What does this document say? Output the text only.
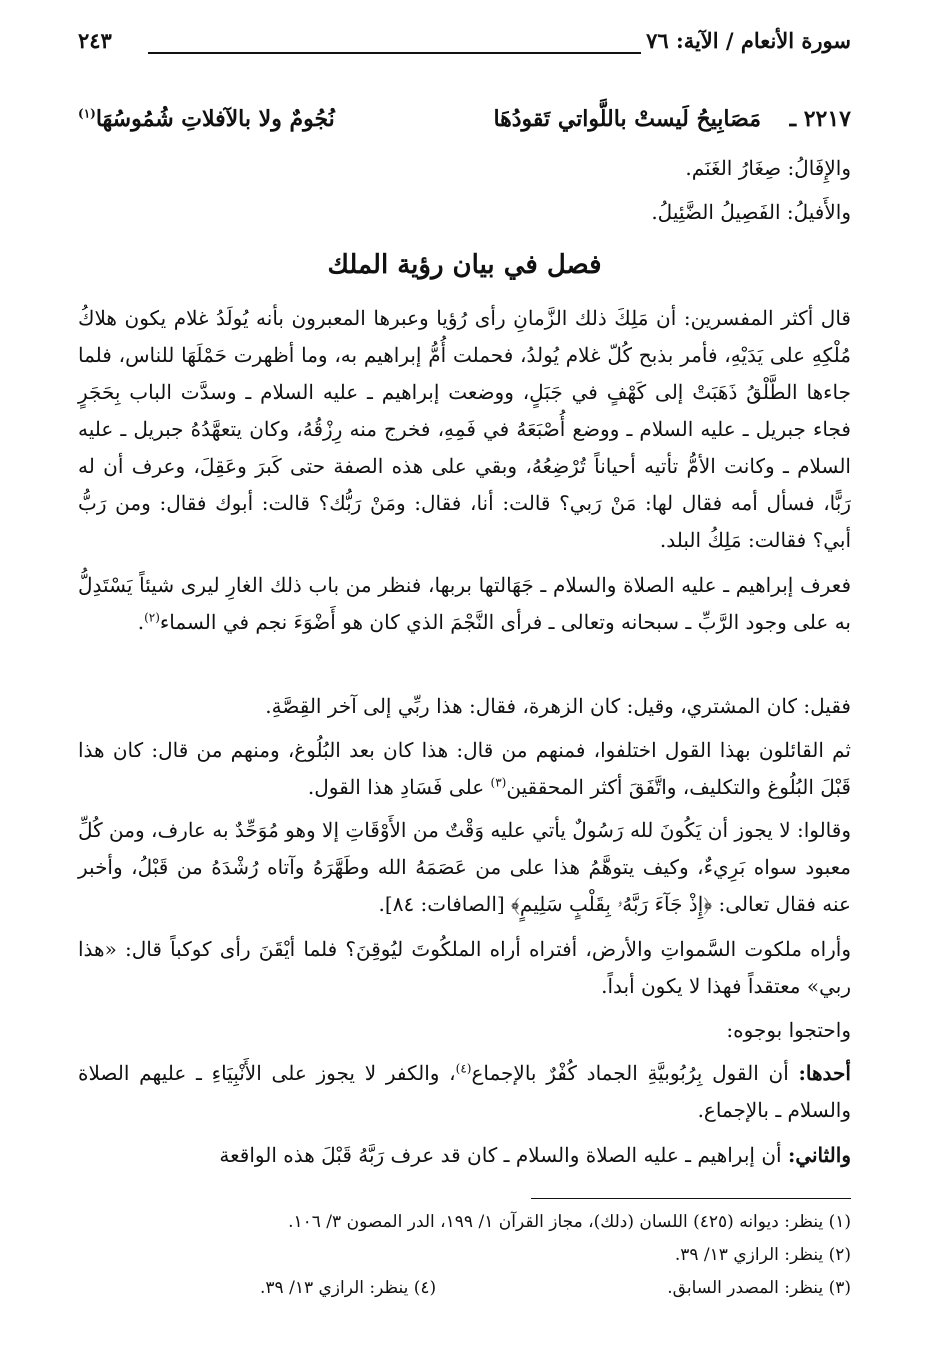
سورة الأنعام / الآية: ٧٦
٢٤٣
٢٢١٧ ـ
مَصَابِيحُ لَيستْ باللَّواتي تَقودُهَا
نُجُومٌ ولا بالآفلاتِ شُمُوسُهَا$^{(١)}$
والإِفَالُ: صِغَارُ الغَنَم.
والأَفيلُ: الفَصِيلُ الضَّئِيلُ.
فصل في بيان رؤية الملك
قال أكثر المفسرين: أن مَلِكَ ذلك الزَّمانِ رأى رُؤيا وعبرها المعبرون بأنه يُولَدُ غلام يكون هلاكُ مُلْكِهِ على يَدَيْهِ، فأمر بذبح كُلّ غلام يُولدُ، فحملت أُمُّ إبراهيم به، وما أظهرت حَمْلَهَا للناس، فلما جاءها الطَّلْقُ ذَهَبَتْ إلى كَهْفٍ في جَبَلٍ، ووضعت إبراهيم ـ عليه السلام ـ وسدَّت الباب بِحَجَرٍ فجاء جبريل ـ عليه السلام ـ ووضع أُصْبَعَهُ في فَمِهِ، فخرج منه رِزْقُهُ، وكان يتعهَّدُهُ جبريل ـ عليه السلام ـ وكانت الأمُّ تأتيه أحياناً تُرْضِعُهُ، وبقي على هذه الصفة حتى كَبرَ وعَقِلَ، وعرف أن له رَبًّا، فسأل أمه فقال لها: مَنْ رَبي؟ قالت: أنا، فقال: ومَنْ رَبُّك؟ قالت: أبوك فقال: ومن رَبُّ أبي؟ فقالت: مَلِكُ البلد.
فعرف إبراهيم ـ عليه الصلاة والسلام ـ جَهَالتها بربها، فنظر من باب ذلك الغارِ ليرى شيئاً يَسْتَدِلُّ به على وجود الرَّبِّ ـ سبحانه وتعالى ـ فرأى النَّجْمَ الذي كان هو أَضْوَءَ نجم في السماء$^{(٢)}$.
فقيل: كان المشتري، وقيل: كان الزهرة، فقال: هذا ربِّي إلى آخر القِصَّةِ.
ثم القائلون بهذا القول اختلفوا، فمنهم من قال: هذا كان بعد البُلُوغ، ومنهم من قال: كان هذا قَبْلَ البُلُوغ والتكليف، واتَّفَقَ أكثر المحققين$^{(٣)}$ على فَسَادِ هذا القول.
وقالوا: لا يجوز أن يَكُونَ لله رَسُولٌ يأتي عليه وَقْتٌ من الأَوْقَاتِ إلا وهو مُوَحِّدٌ به عارف، ومن كُلِّ معبود سواه بَرِيءٌ، وكيف يتوهَّمُ هذا على من عَصَمَهُ الله وطَهَّرَهُ وآتاه رُشْدَهُ من قَبْلُ، وأخبر عنه فقال تعالى: ﴿إِذْ جَآءَ رَبَّهُۥ بِقَلْبٍ سَلِيمٍ﴾ [الصافات: ٨٤].
وأراه ملكوت السَّمواتِ والأرض، أفتراه أراه الملكُوتَ ليُوقِنَ؟ فلما أيْقَنَ رأى كوكباً قال: «هذا ربي» معتقداً فهذا لا يكون أبداً.
واحتجوا بوجوه:
أحدها: أن القول بِرُبُوبيَّةِ الجماد كُفْرٌ بالإجماع$^{(٤)}$، والكفر لا يجوز على الأَنْبِيَاءِ ـ عليهم الصلاة والسلام ـ بالإجماع.
والثاني: أن إبراهيم ـ عليه الصلاة والسلام ـ كان قد عرف رَبَّهُ قَبْلَ هذه الواقعة
(١) ينظر: ديوانه (٤٢٥) اللسان (دلك)، مجاز القرآن ١/ ١٩٩، الدر المصون ٣/ ١٠٦.
(٢) ينظر: الرازي ١٣/ ٣٩.
(٣) ينظر: المصدر السابق.
(٤) ينظر: الرازي ١٣/ ٣٩.
